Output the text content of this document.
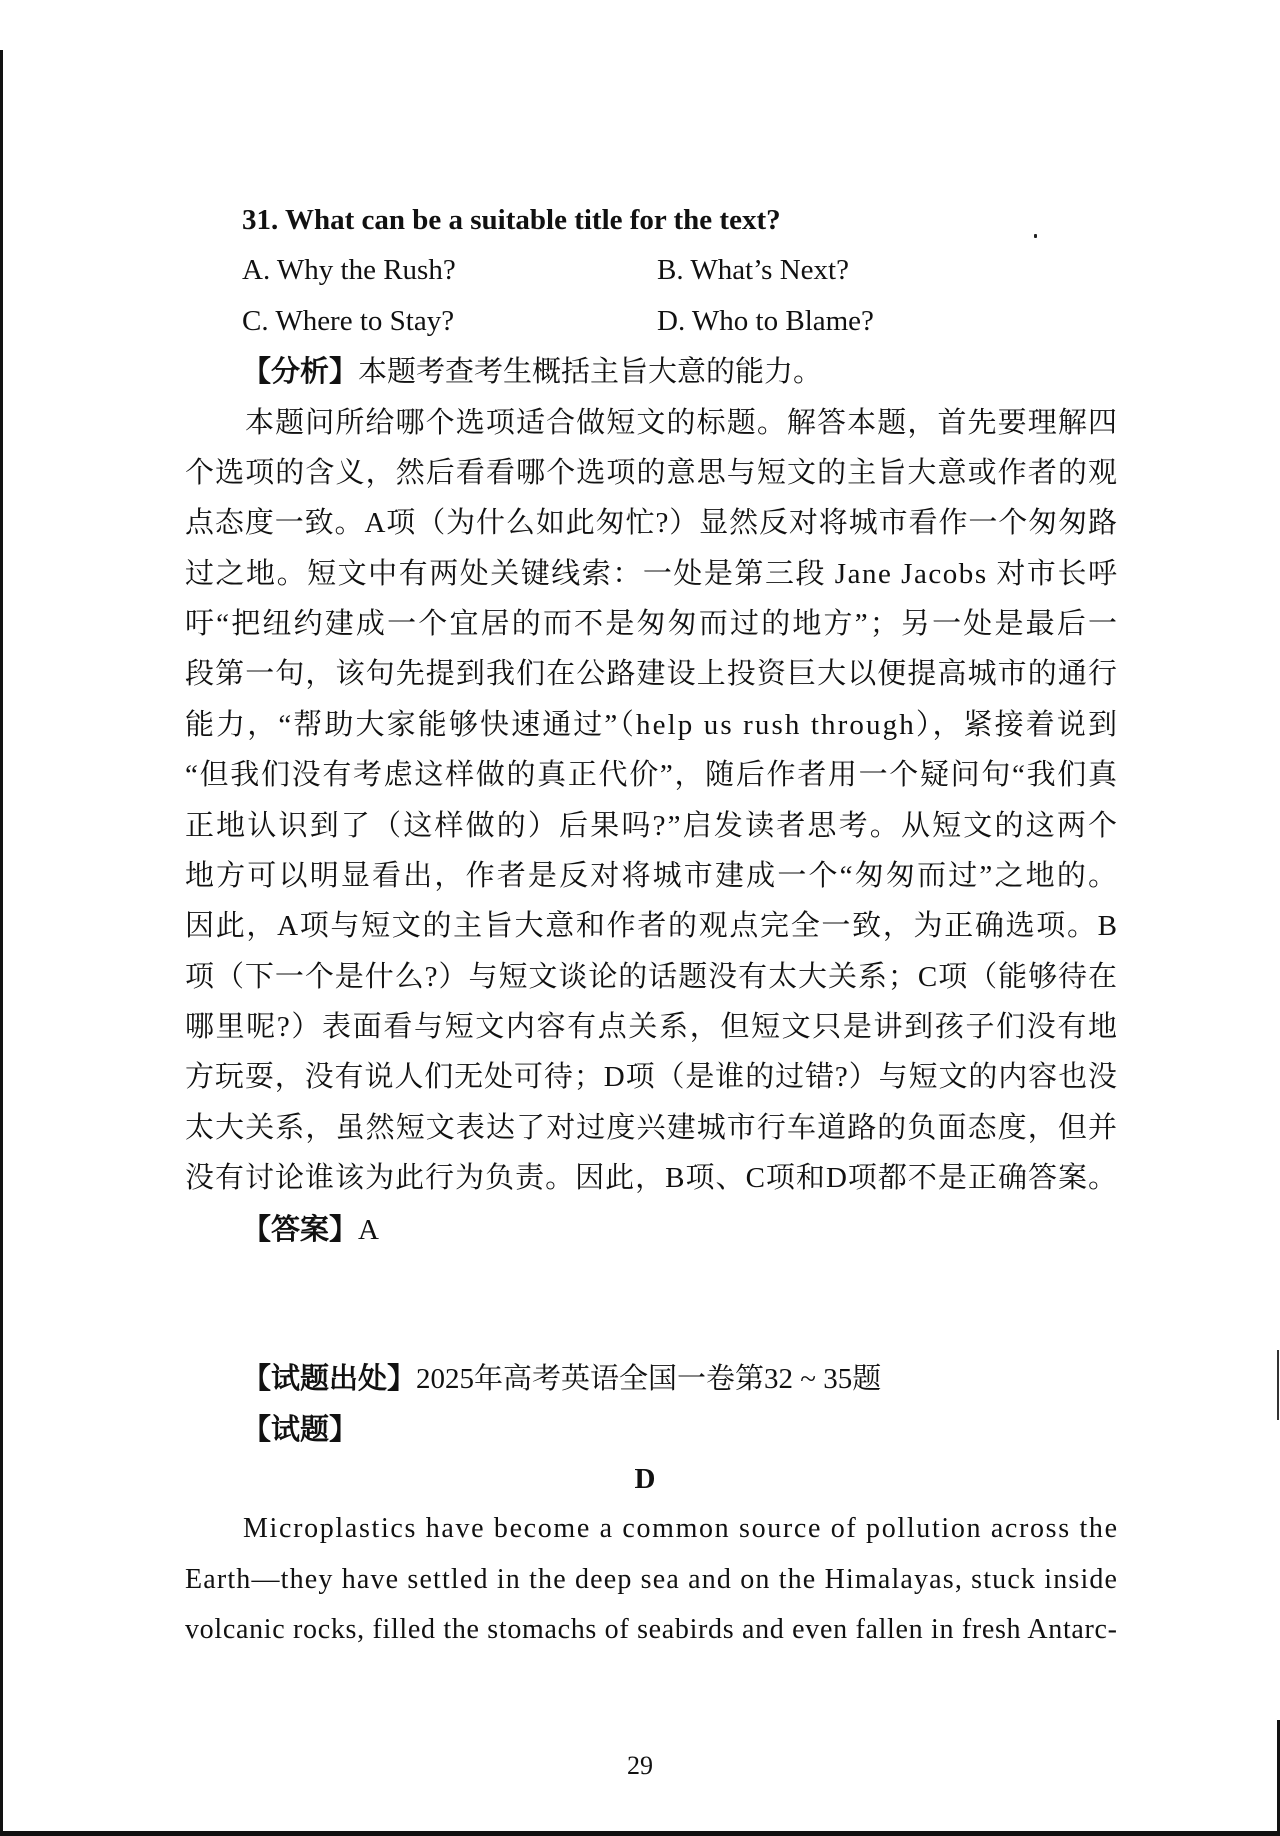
31. What can be a suitable title for the text?
A. Why the Rush?	B. What’s Next?
C. Where to Stay?	D. Who to Blame?
【分析】本题考查考生概括主旨大意的能力。
本题问所给哪个选项适合做短文的标题。解答本题，首先要理解四
个选项的含义，然后看看哪个选项的意思与短文的主旨大意或作者的观
点态度一致。A项（为什么如此匆忙?）显然反对将城市看作一个匆匆路
过之地。短文中有两处关键线索：一处是第三段 Jane Jacobs 对市长呼
吁“把纽约建成一个宜居的而不是匆匆而过的地方”；另一处是最后一
段第一句，该句先提到我们在公路建设上投资巨大以便提高城市的通行
能力，“帮助大家能够快速通过”（help us rush through），紧接着说到
“但我们没有考虑这样做的真正代价”，随后作者用一个疑问句“我们真
正地认识到了（这样做的）后果吗?”启发读者思考。从短文的这两个
地方可以明显看出，作者是反对将城市建成一个“匆匆而过”之地的。
因此，A项与短文的主旨大意和作者的观点完全一致，为正确选项。B
项（下一个是什么?）与短文谈论的话题没有太大关系；C项（能够待在
哪里呢?）表面看与短文内容有点关系，但短文只是讲到孩子们没有地
方玩耍，没有说人们无处可待；D项（是谁的过错?）与短文的内容也没
太大关系，虽然短文表达了对过度兴建城市行车道路的负面态度，但并
没有讨论谁该为此行为负责。因此，B项、C项和D项都不是正确答案。
【答案】A
【试题出处】2025年高考英语全国一卷第32 ~ 35题
【试题】
D
Microplastics have become a common source of pollution across the
Earth—they have settled in the deep sea and on the Himalayas, stuck inside
volcanic rocks, filled the stomachs of seabirds and even fallen in fresh Antarc-
29
